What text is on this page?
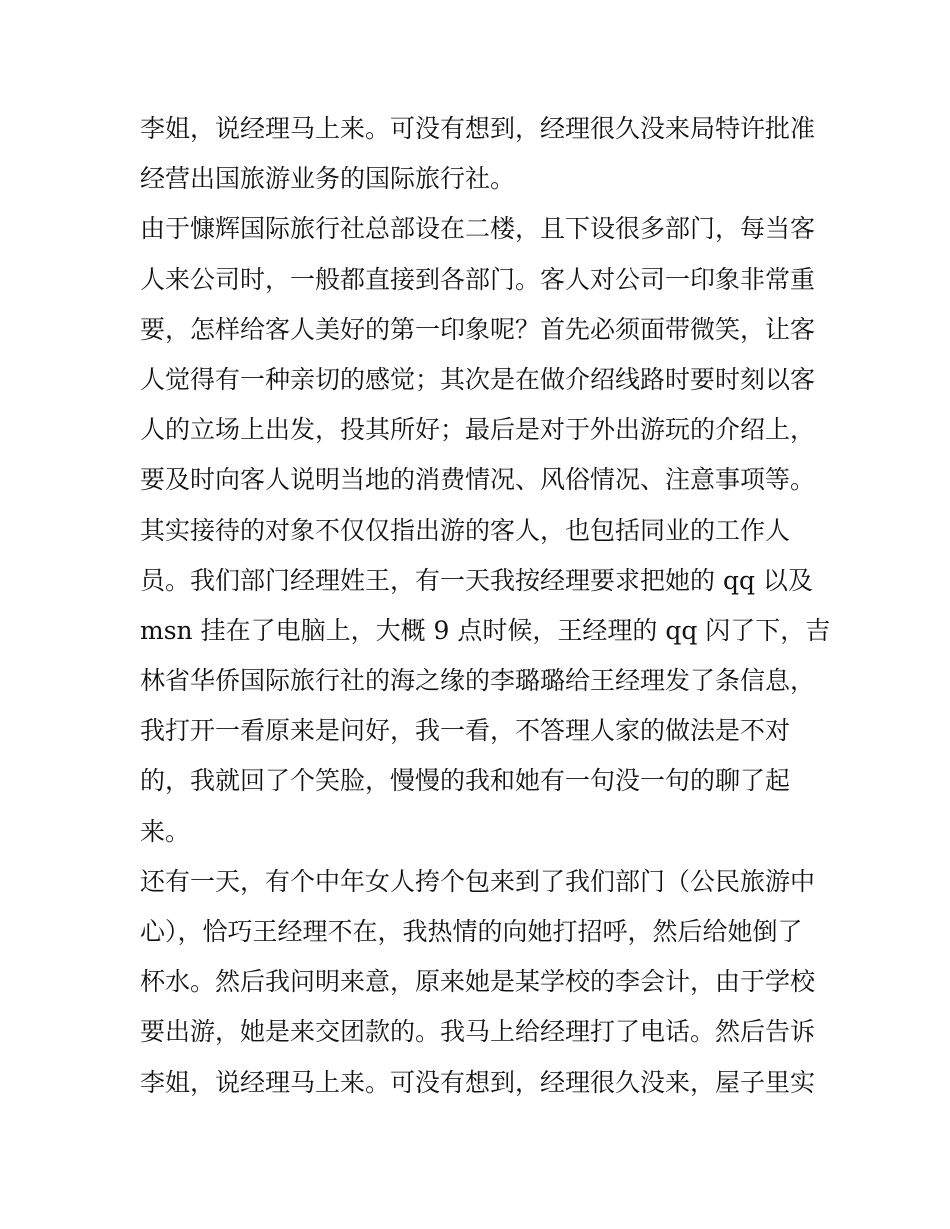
李姐，说经理马上来。可没有想到，经理很久没来局特许批准
经营出国旅游业务的国际旅行社。
由于慷辉国际旅行社总部设在二楼，且下设很多部门，每当客
人来公司时，一般都直接到各部门。客人对公司一印象非常重
要，怎样给客人美好的第一印象呢？首先必须面带微笑，让客
人觉得有一种亲切的感觉；其次是在做介绍线路时要时刻以客
人的立场上出发，投其所好；最后是对于外出游玩的介绍上，
要及时向客人说明当地的消费情况、风俗情况、注意事项等。
其实接待的对象不仅仅指出游的客人，也包括同业的工作人
员。我们部门经理姓王，有一天我按经理要求把她的 qq 以及
msn 挂在了电脑上，大概 9 点时候，王经理的 qq 闪了下，吉
林省华侨国际旅行社的海之缘的李璐璐给王经理发了条信息，
我打开一看原来是问好，我一看，不答理人家的做法是不对
的，我就回了个笑脸，慢慢的我和她有一句没一句的聊了起
来。
还有一天，有个中年女人挎个包来到了我们部门（公民旅游中
心），恰巧王经理不在，我热情的向她打招呼，然后给她倒了
杯水。然后我问明来意，原来她是某学校的李会计，由于学校
要出游，她是来交团款的。我马上给经理打了电话。然后告诉
李姐，说经理马上来。可没有想到，经理很久没来，屋子里实
